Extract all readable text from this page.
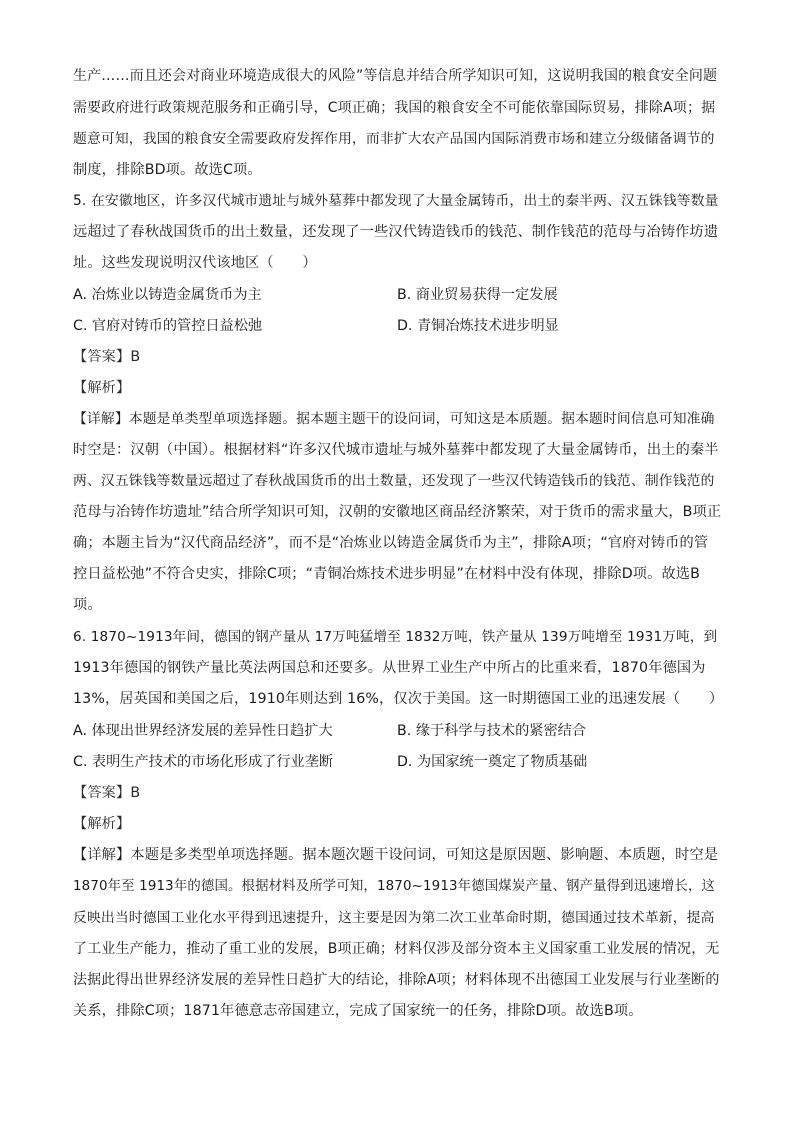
生产……而且还会对商业环境造成很大的风险”等信息并结合所学知识可知，这说明我国的粮食安全问题
需要政府进行政策规范服务和正确引导，C项正确；我国的粮食安全不可能依靠国际贸易，排除A项；据
题意可知，我国的粮食安全需要政府发挥作用，而非扩大农产品国内国际消费市场和建立分级储备调节的
制度，排除BD项。故选C项。
5. 在安徽地区，许多汉代城市遗址与城外墓葬中都发现了大量金属铸币，出土的秦半两、汉五铢钱等数量
远超过了春秋战国货币的出土数量，还发现了一些汉代铸造钱币的钱范、制作钱范的范母与冶铸作坊遗
址。这些发现说明汉代该地区（　　）
A. 冶炼业以铸造金属货币为主	B. 商业贸易获得一定发展
C. 官府对铸币的管控日益松弛	D. 青铜冶炼技术进步明显
【答案】B
【解析】
【详解】本题是单类型单项选择题。据本题主题干的设问词，可知这是本质题。据本题时间信息可知准确
时空是：汉朝（中国）。根据材料“许多汉代城市遗址与城外墓葬中都发现了大量金属铸币，出土的秦半
两、汉五铢钱等数量远超过了春秋战国货币的出土数量，还发现了一些汉代铸造钱币的钱范、制作钱范的
范母与冶铸作坊遗址”结合所学知识可知，汉朝的安徽地区商品经济繁荣，对于货币的需求量大，B项正
确；本题主旨为“汉代商品经济”，而不是“冶炼业以铸造金属货币为主”，排除A项；“官府对铸币的管
控日益松弛”不符合史实，排除C项；“青铜冶炼技术进步明显”在材料中没有体现，排除D项。故选B
项。
6. 1870~1913年间，德国的钢产量从 17万吨猛增至 1832万吨，铁产量从 139万吨增至 1931万吨，到
1913年德国的钢铁产量比英法两国总和还要多。从世界工业生产中所占的比重来看，1870年德国为
13%，居英国和美国之后，1910年则达到 16%，仅次于美国。这一时期德国工业的迅速发展（　　）
A. 体现出世界经济发展的差异性日趋扩大	B. 缘于科学与技术的紧密结合
C. 表明生产技术的市场化形成了行业垄断	D. 为国家统一奠定了物质基础
【答案】B
【解析】
【详解】本题是多类型单项选择题。据本题次题干设问词，可知这是原因题、影响题、本质题，时空是
1870年至 1913年的德国。根据材料及所学可知，1870~1913年德国煤炭产量、钢产量得到迅速增长，这
反映出当时德国工业化水平得到迅速提升，这主要是因为第二次工业革命时期，德国通过技术革新，提高
了工业生产能力，推动了重工业的发展，B项正确；材料仅涉及部分资本主义国家重工业发展的情况，无
法据此得出世界经济发展的差异性日趋扩大的结论，排除A项；材料体现不出德国工业发展与行业垄断的
关系，排除C项；1871年德意志帝国建立，完成了国家统一的任务，排除D项。故选B项。
